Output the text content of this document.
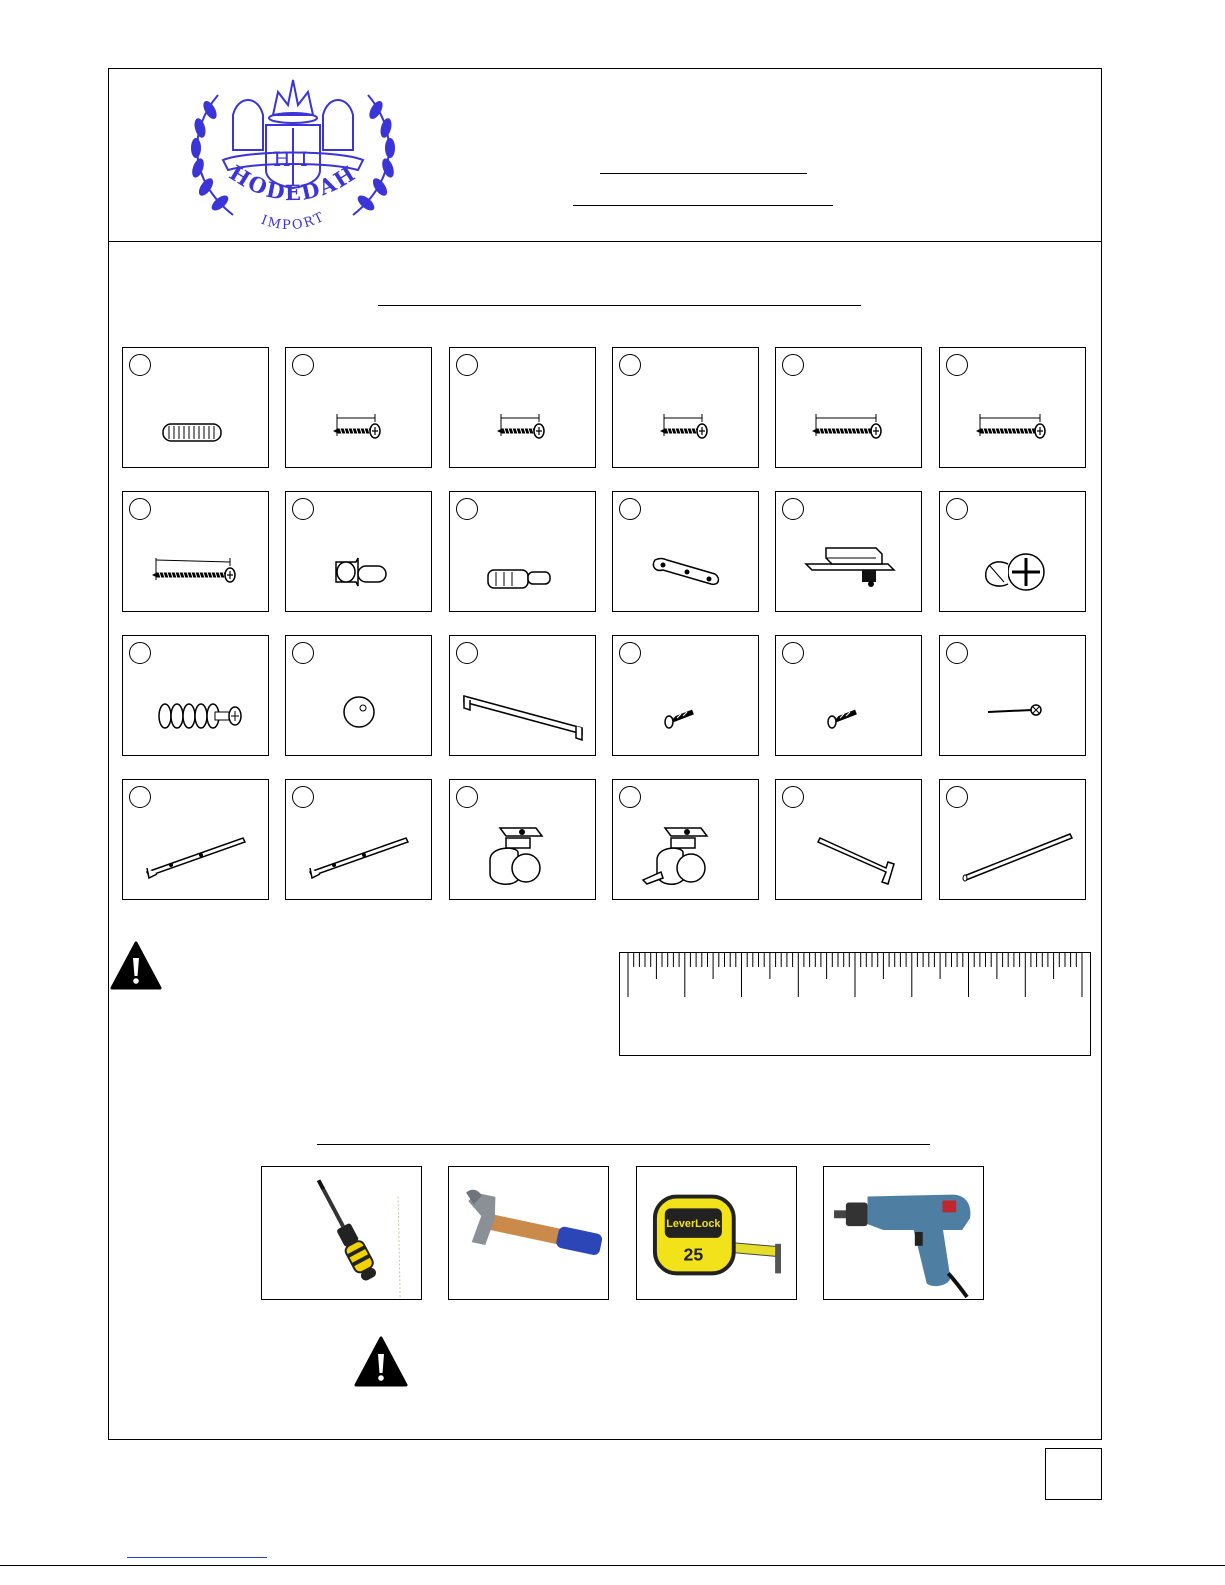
H I
HODEDAH
IMPORT
LeverLock
25
